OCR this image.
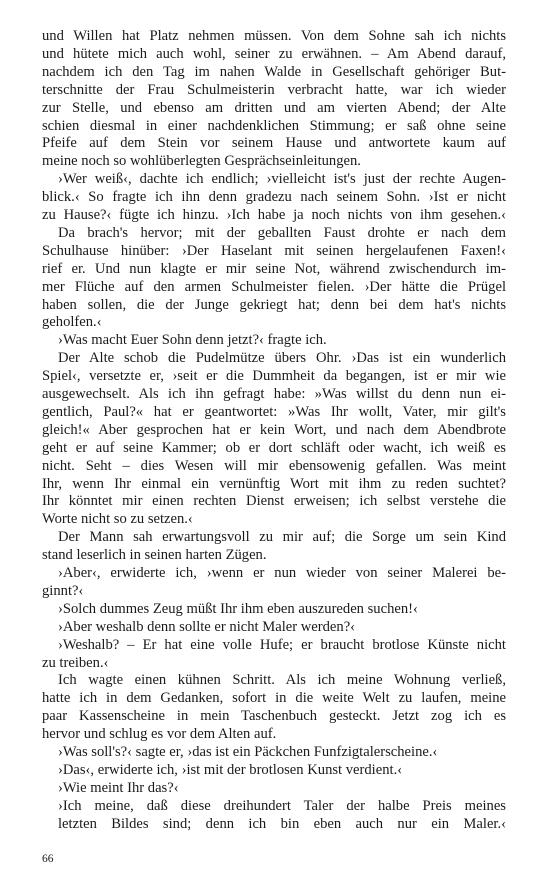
und Willen hat Platz nehmen müssen. Von dem Sohne sah ich nichts
und hütete mich auch wohl, seiner zu erwähnen. – Am Abend darauf,
nachdem ich den Tag im nahen Walde in Gesellschaft gehöriger But-
terschnitte der Frau Schulmeisterin verbracht hatte, war ich wieder
zur Stelle, und ebenso am dritten und am vierten Abend; der Alte
schien diesmal in einer nachdenklichen Stimmung; er saß ohne seine
Pfeife auf dem Stein vor seinem Hause und antwortete kaum auf
meine noch so wohlüberlegten Gesprächseinleitungen.
›Wer weiß‹, dachte ich endlich; ›vielleicht ist's just der rechte Augen-
blick.‹ So fragte ich ihn denn gradezu nach seinem Sohn. ›Ist er nicht
zu Hause?‹ fügte ich hinzu. ›Ich habe ja noch nichts von ihm gesehen.‹
Da brach's hervor; mit der geballten Faust drohte er nach dem
Schulhause hinüber: ›Der Haselant mit seinen hergelaufenen Faxen!‹
rief er. Und nun klagte er mir seine Not, während zwischendurch im-
mer Flüche auf den armen Schulmeister fielen. ›Der hätte die Prügel
haben sollen, die der Junge gekriegt hat; denn bei dem hat's nichts
geholfen.‹
›Was macht Euer Sohn denn jetzt?‹ fragte ich.
Der Alte schob die Pudelmütze übers Ohr. ›Das ist ein wunderlich
Spiel‹, versetzte er, ›seit er die Dummheit da begangen, ist er mir wie
ausgewechselt. Als ich ihn gefragt habe: »Was willst du denn nun ei-
gentlich, Paul?« hat er geantwortet: »Was Ihr wollt, Vater, mir gilt's
gleich!« Aber gesprochen hat er kein Wort, und nach dem Abendbrote
geht er auf seine Kammer; ob er dort schläft oder wacht, ich weiß es
nicht. Seht – dies Wesen will mir ebensowenig gefallen. Was meint
Ihr, wenn Ihr einmal ein vernünftig Wort mit ihm zu reden suchtet?
Ihr könntet mir einen rechten Dienst erweisen; ich selbst verstehe die
Worte nicht so zu setzen.‹
Der Mann sah erwartungsvoll zu mir auf; die Sorge um sein Kind
stand leserlich in seinen harten Zügen.
›Aber‹, erwiderte ich, ›wenn er nun wieder von seiner Malerei be-
ginnt?‹
›Solch dummes Zeug müßt Ihr ihm eben auszureden suchen!‹
›Aber weshalb denn sollte er nicht Maler werden?‹
›Weshalb? – Er hat eine volle Hufe; er braucht brotlose Künste nicht
zu treiben.‹
Ich wagte einen kühnen Schritt. Als ich meine Wohnung verließ,
hatte ich in dem Gedanken, sofort in die weite Welt zu laufen, meine
paar Kassenscheine in mein Taschenbuch gesteckt. Jetzt zog ich es
hervor und schlug es vor dem Alten auf.
›Was soll's?‹ sagte er, ›das ist ein Päckchen Funfzigtalerscheine.‹
›Das‹, erwiderte ich, ›ist mit der brotlosen Kunst verdient.‹
›Wie meint Ihr das?‹
›Ich meine, daß diese dreihundert Taler der halbe Preis meines
letzten Bildes sind; denn ich bin eben auch nur ein Maler.‹
66
